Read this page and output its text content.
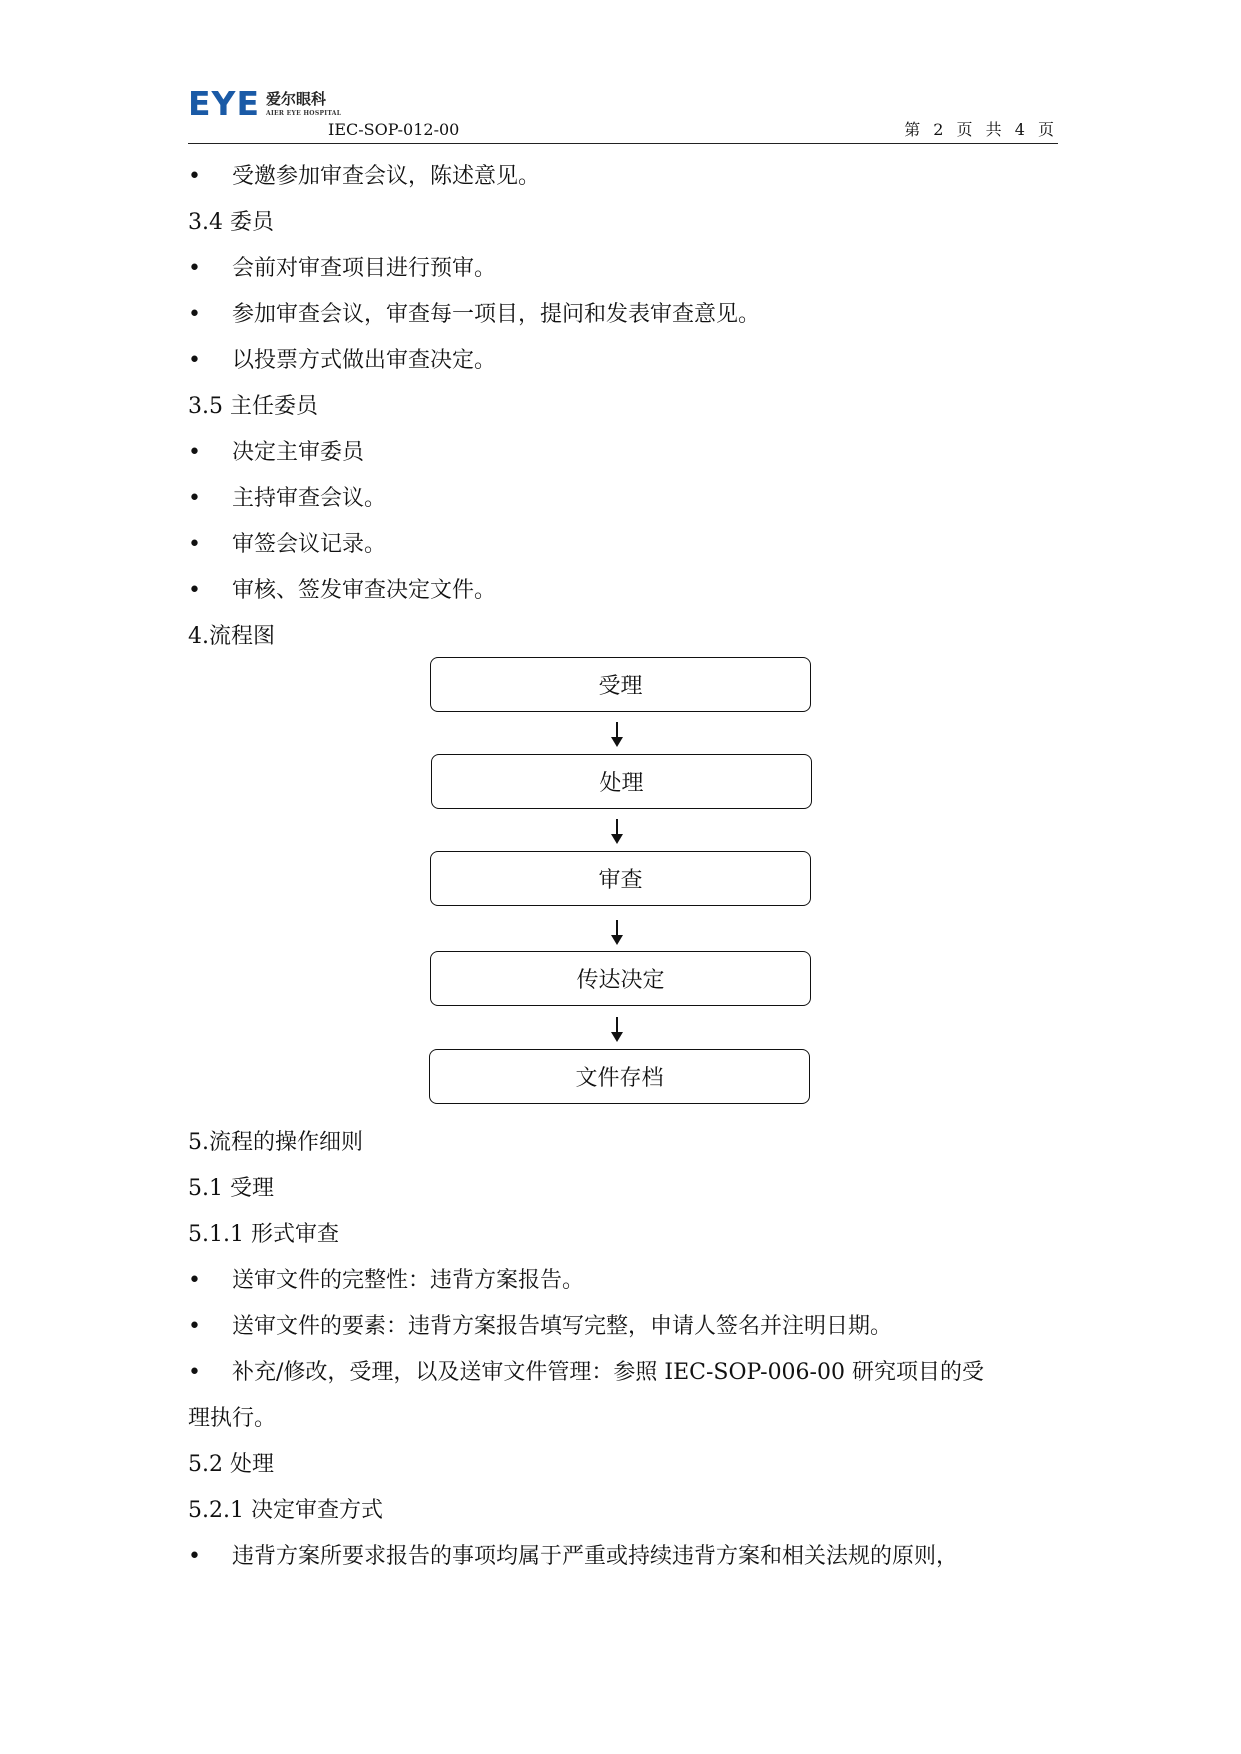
EYE 爱尔眼科
AIER EYE HOSPITAL
IEC-SOP-012-00	第 2 页 共 4 页
• 受邀参加审查会议，陈述意见。
3.4 委员
• 会前对审查项目进行预审。
• 参加审查会议，审查每一项目，提问和发表审查意见。
• 以投票方式做出审查决定。
3.5 主任委员
• 决定主审委员
• 主持审查会议。
• 审签会议记录。
• 审核、签发审查决定文件。
4.流程图
受理
处理
审查
传达决定
文件存档
5.流程的操作细则
5.1 受理
5.1.1 形式审查
• 送审文件的完整性：违背方案报告。
• 送审文件的要素：违背方案报告填写完整，申请人签名并注明日期。
• 补充/修改，受理，以及送审文件管理：参照 IEC-SOP-006-00 研究项目的受
理执行。
5.2 处理
5.2.1 决定审查方式
• 违背方案所要求报告的事项均属于严重或持续违背方案和相关法规的原则，
